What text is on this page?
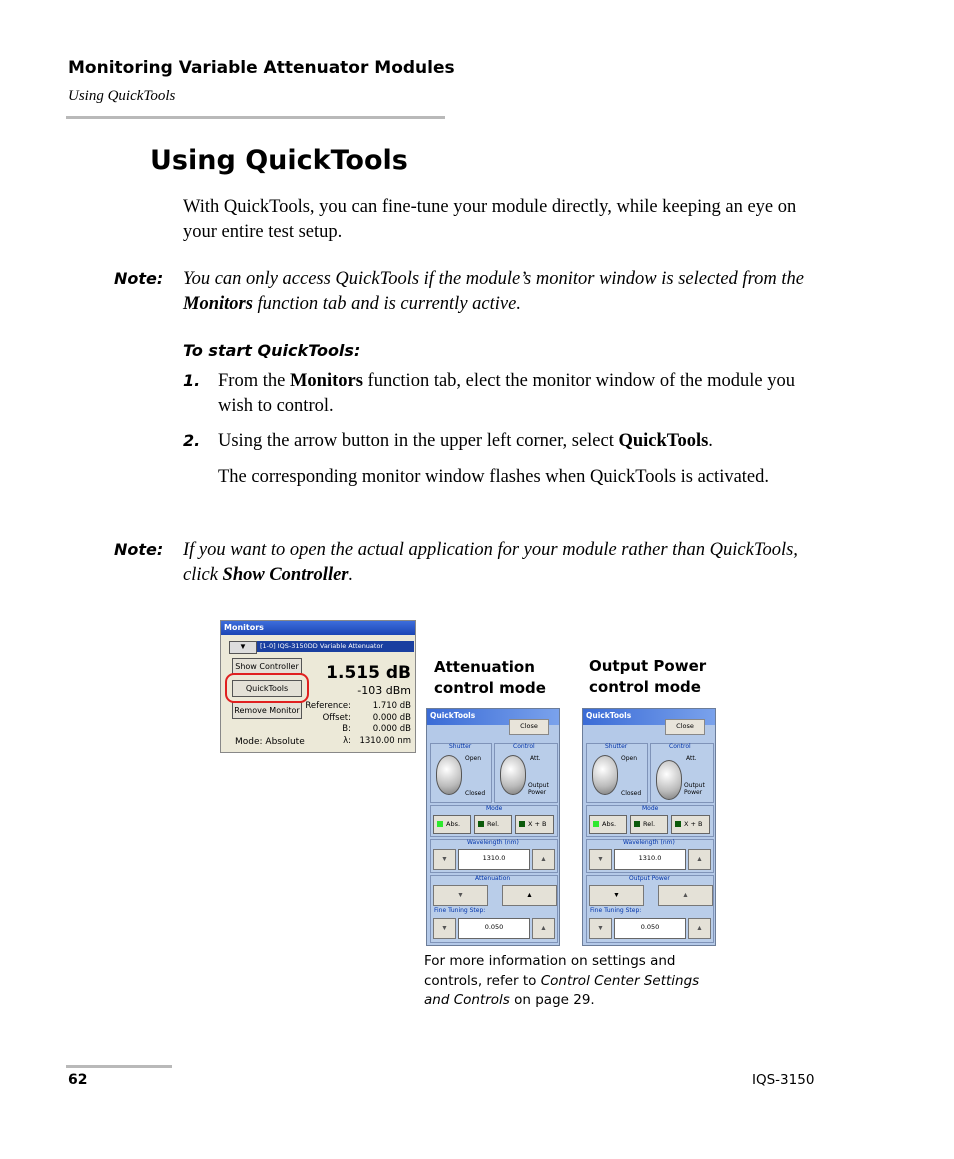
Monitoring Variable Attenuator Modules
Using QuickTools
Using QuickTools
With QuickTools, you can fine-tune your module directly, while keeping an eye on your entire test setup.
Note: You can only access QuickTools if the module’s monitor window is selected from the Monitors function tab and is currently active.
To start QuickTools:
1. From the Monitors function tab, elect the monitor window of the module you wish to control.
2. Using the arrow button in the upper left corner, select QuickTools.
The corresponding monitor window flashes when QuickTools is activated.
Note: If you want to open the actual application for your module rather than QuickTools, click Show Controller.
Monitors
▼	[1-0] IQS-3150DD Variable Attenuator
Show Controller
QuickTools
Remove Monitor
1.515 dB
-103 dBm
Reference:	1.710 dB
Offset:	0.000 dB
B:	0.000 dB
λ: 1310.00 nm
Mode: Absolute
Attenuation control mode
Output Power control mode
QuickTools
Close
Shutter
Open
Closed
Control
Att.
Output Power
Mode
Abs.	Rel.	X + B
Wavelength (nm)
▼	1310.0	▲
Attenuation
▼	▲
Fine Tuning Step:
▼	0.050	▲
QuickTools
Close
Shutter
Open
Closed
Control
Att.
Output Power
Mode
Abs.	Rel.	X + B
Wavelength (nm)
▼	1310.0	▲
Output Power
▼	▲
Fine Tuning Step:
▼	0.050	▲
For more information on settings and controls, refer to Control Center Settings and Controls on page 29.
62	IQS-3150
